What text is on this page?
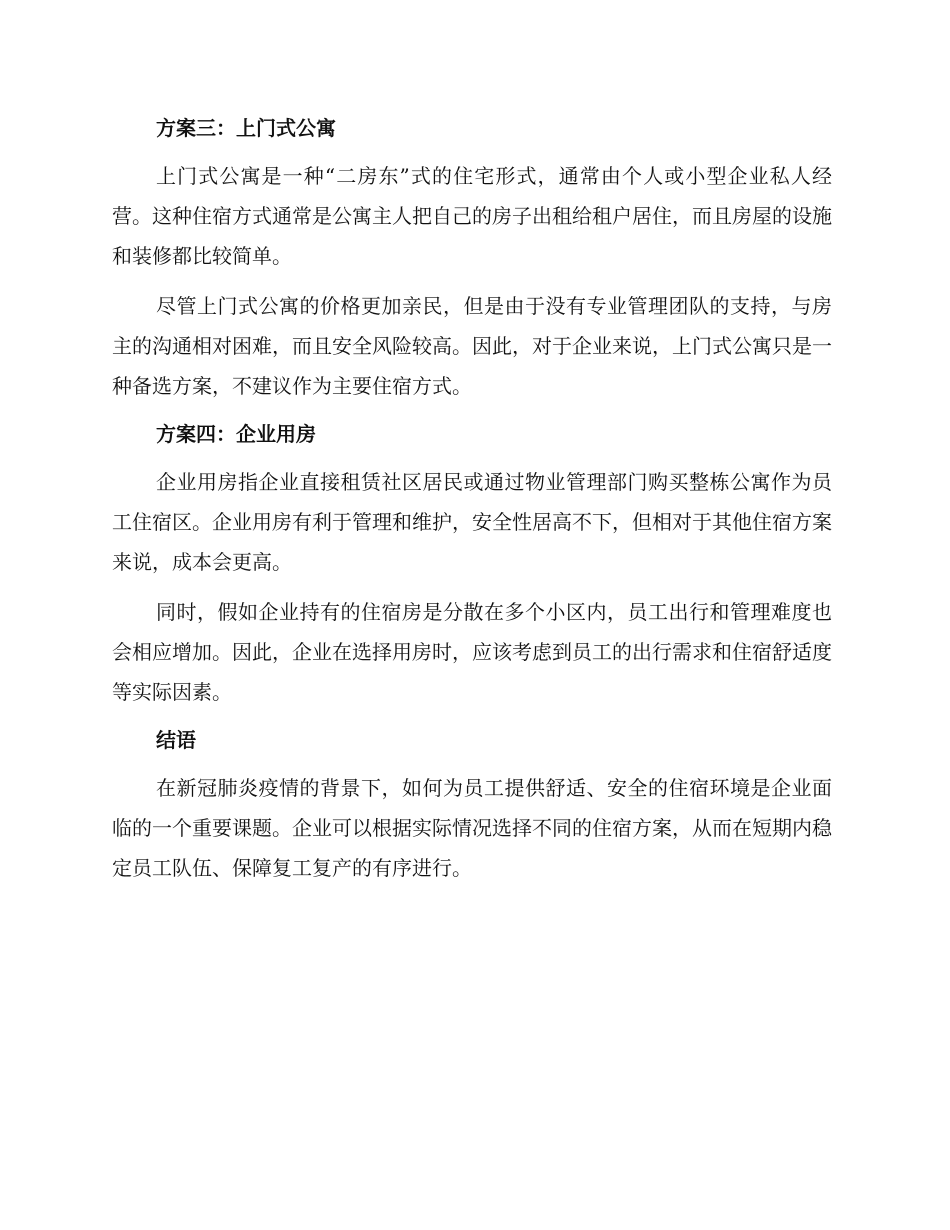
方案三：上门式公寓

上门式公寓是一种“二房东”式的住宅形式，通常由个人或小型企业私人经营。这种住宿方式通常是公寓主人把自己的房子出租给租户居住，而且房屋的设施和装修都比较简单。

尽管上门式公寓的价格更加亲民，但是由于没有专业管理团队的支持，与房主的沟通相对困难，而且安全风险较高。因此，对于企业来说，上门式公寓只是一种备选方案，不建议作为主要住宿方式。

方案四：企业用房

企业用房指企业直接租赁社区居民或通过物业管理部门购买整栋公寓作为员工住宿区。企业用房有利于管理和维护，安全性居高不下，但相对于其他住宿方案来说，成本会更高。

同时，假如企业持有的住宿房是分散在多个小区内，员工出行和管理难度也会相应增加。因此，企业在选择用房时，应该考虑到员工的出行需求和住宿舒适度等实际因素。

结语

在新冠肺炎疫情的背景下，如何为员工提供舒适、安全的住宿环境是企业面临的一个重要课题。企业可以根据实际情况选择不同的住宿方案，从而在短期内稳定员工队伍、保障复工复产的有序进行。
